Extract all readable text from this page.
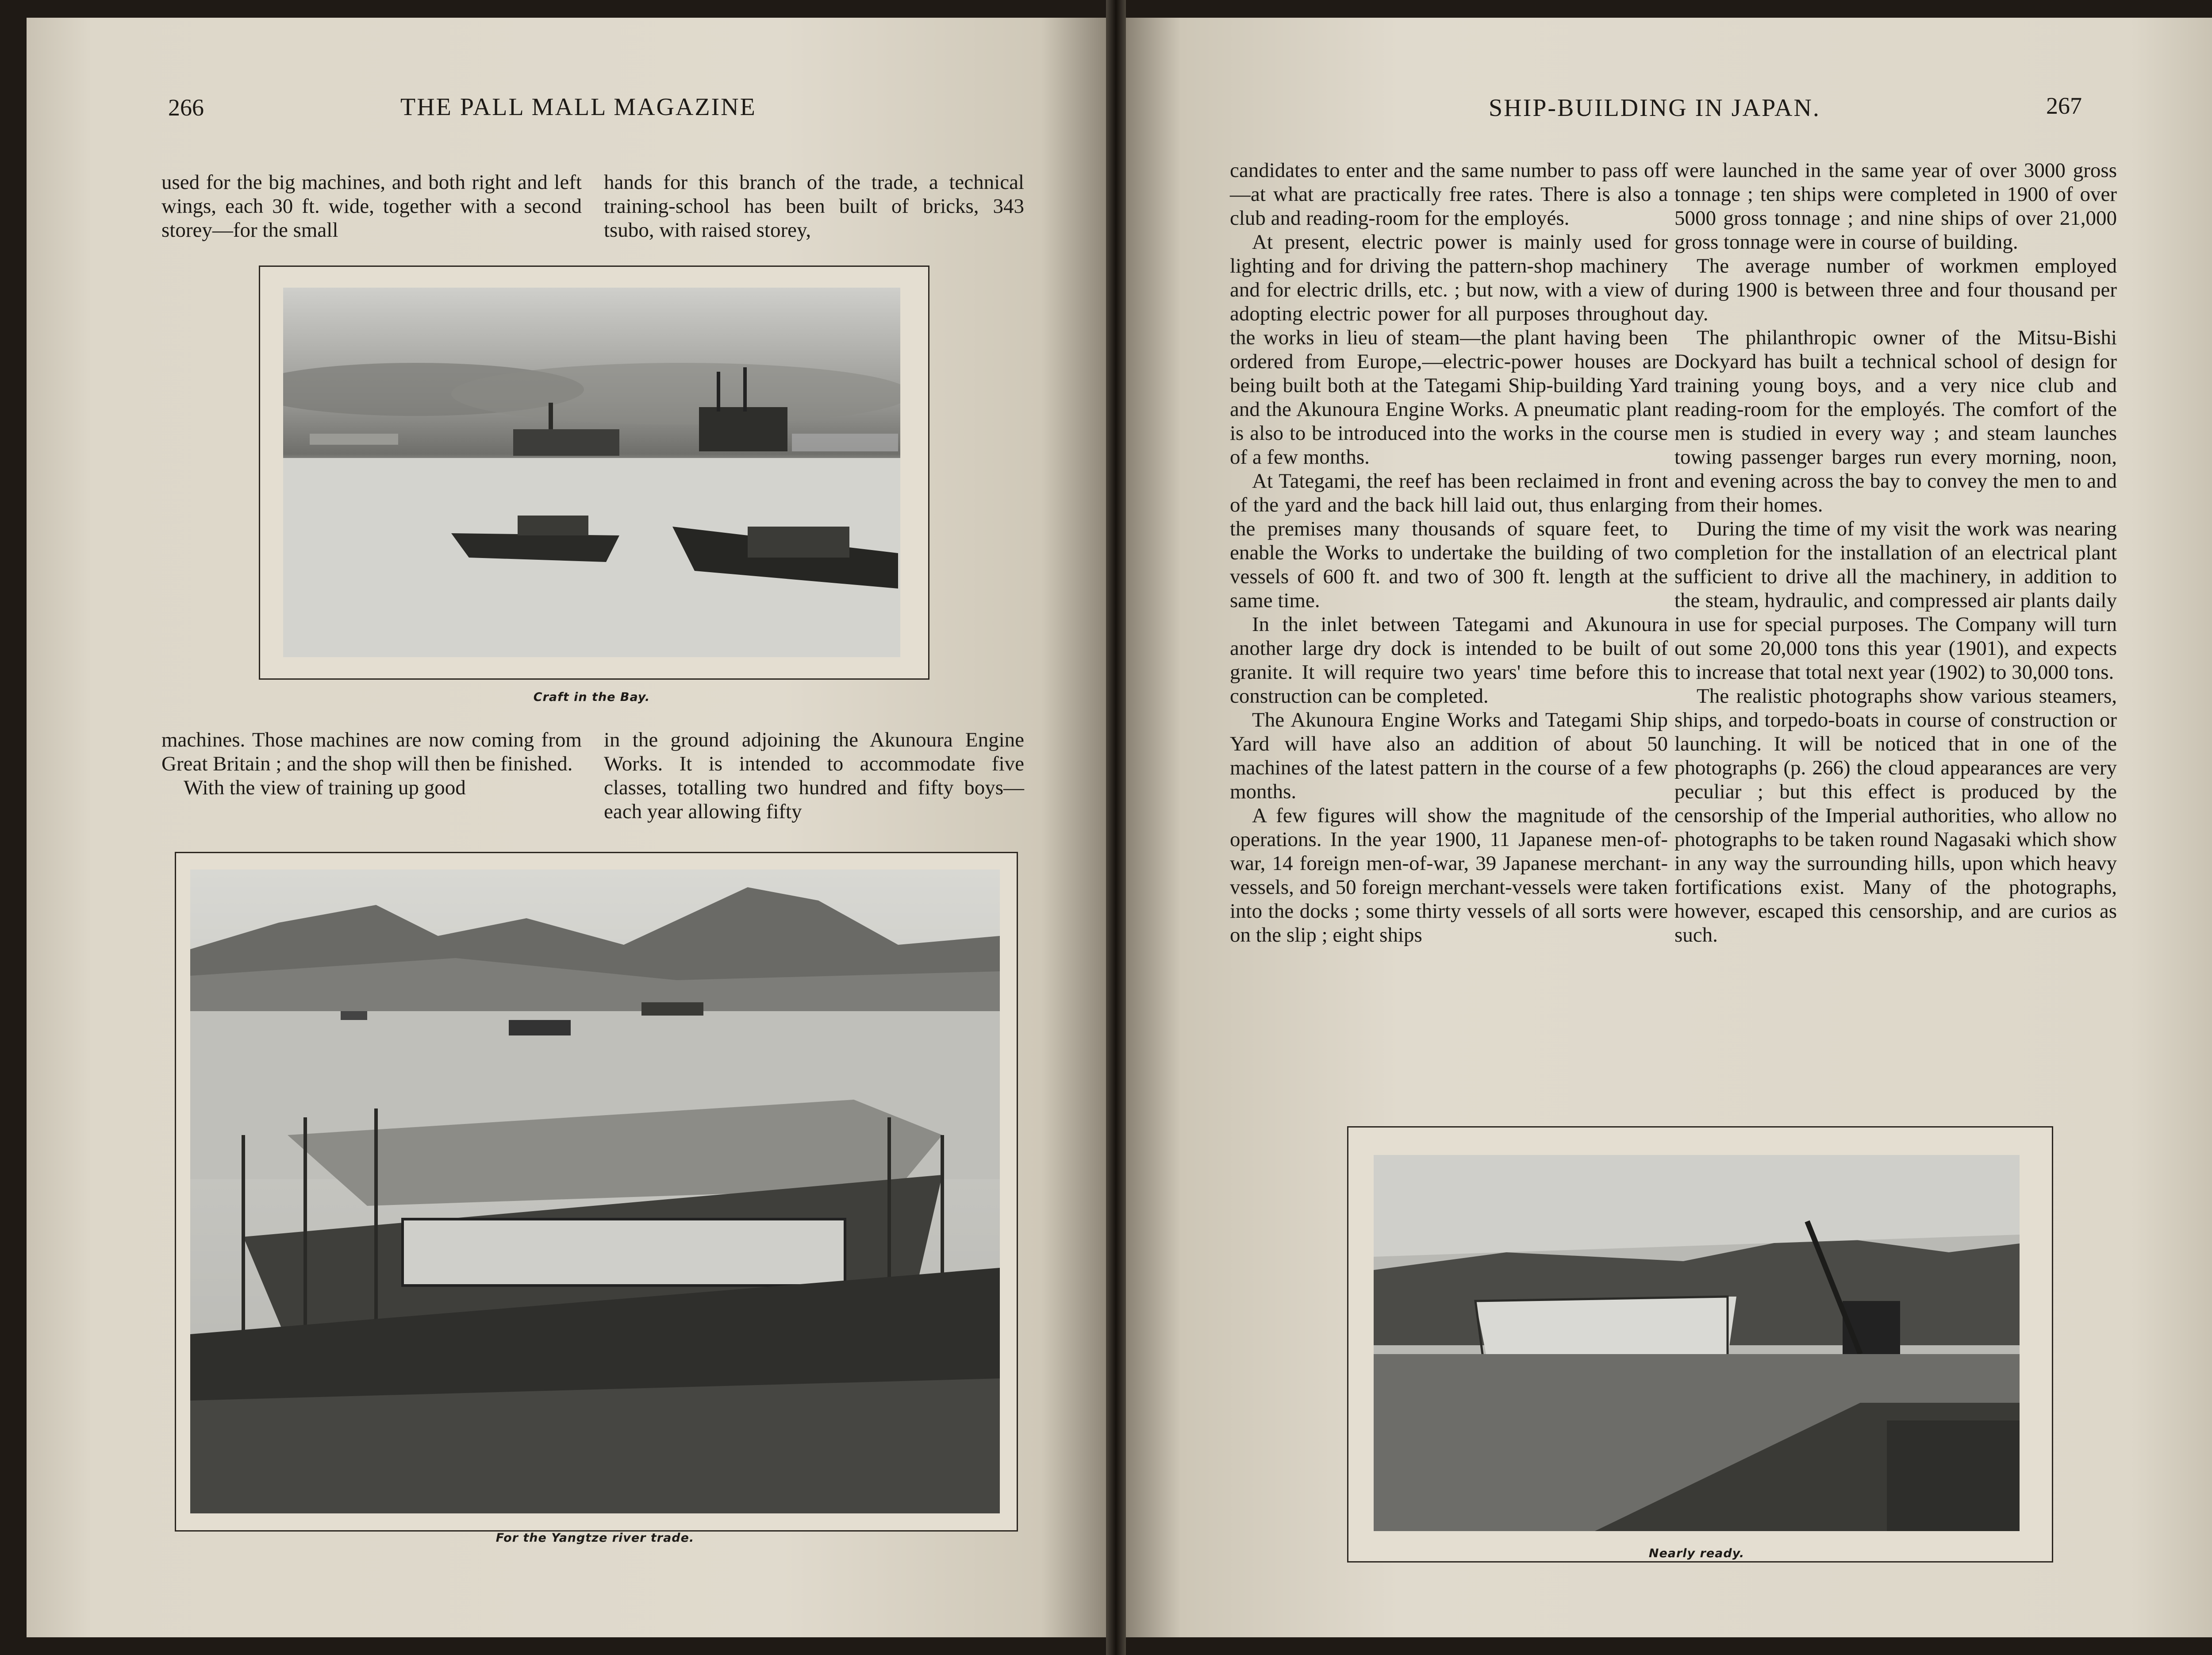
266	THE PALL MALL MAGAZINE

used for the big machines, and both right and left wings, each 30 ft. wide, together with a second storey—for the small

hands for this branch of the trade, a technical training-school has been built of bricks, 343 tsubo, with raised storey,

Craft in the Bay.

machines. Those machines are now coming from Great Britain ; and the shop will then be finished.

With the view of training up good

in the ground adjoining the Akunoura Engine Works. It is intended to accommodate five classes, totalling two hundred and fifty boys—each year allowing fifty

For the Yangtze river trade.
SHIP-BUILDING IN JAPAN.	267

candidates to enter and the same number to pass off—at what are practically free rates. There is also a club and reading-room for the employés.

At present, electric power is mainly used for lighting and for driving the pattern-shop machinery and for electric drills, etc. ; but now, with a view of adopting electric power for all purposes throughout the works in lieu of steam—the plant having been ordered from Europe,—electric-power houses are being built both at the Tategami Ship-building Yard and the Akunoura Engine Works. A pneumatic plant is also to be introduced into the works in the course of a few months.

At Tategami, the reef has been reclaimed in front of the yard and the back hill laid out, thus enlarging the premises many thousands of square feet, to enable the Works to undertake the building of two vessels of 600 ft. and two of 300 ft. length at the same time.

In the inlet between Tategami and Akunoura another large dry dock is intended to be built of granite. It will require two years' time before this construction can be completed.

The Akunoura Engine Works and Tategami Ship Yard will have also an addition of about 50 machines of the latest pattern in the course of a few months.

A few figures will show the magnitude of the operations. In the year 1900, 11 Japanese men-of-war, 14 foreign men-of-war, 39 Japanese merchant-vessels, and 50 foreign merchant-vessels were taken into the docks ; some thirty vessels of all sorts were on the slip ; eight ships

were launched in the same year of over 3000 gross tonnage ; ten ships were completed in 1900 of over 5000 gross tonnage ; and nine ships of over 21,000 gross tonnage were in course of building.

The average number of workmen employed during 1900 is between three and four thousand per day.

The philanthropic owner of the Mitsu-Bishi Dockyard has built a technical school of design for training young boys, and a very nice club and reading-room for the employés. The comfort of the men is studied in every way ; and steam launches towing passenger barges run every morning, noon, and evening across the bay to convey the men to and from their homes.

During the time of my visit the work was nearing completion for the installation of an electrical plant sufficient to drive all the machinery, in addition to the steam, hydraulic, and compressed air plants daily in use for special purposes. The Company will turn out some 20,000 tons this year (1901), and expects to increase that total next year (1902) to 30,000 tons.

The realistic photographs show various steamers, ships, and torpedo-boats in course of construction or launching. It will be noticed that in one of the photographs (p. 266) the cloud appearances are very peculiar ; but this effect is produced by the censorship of the Imperial authorities, who allow no photographs to be taken round Nagasaki which show in any way the surrounding hills, upon which heavy fortifications exist. Many of the photographs, however, escaped this censorship, and are curios as such.

Nearly ready.
